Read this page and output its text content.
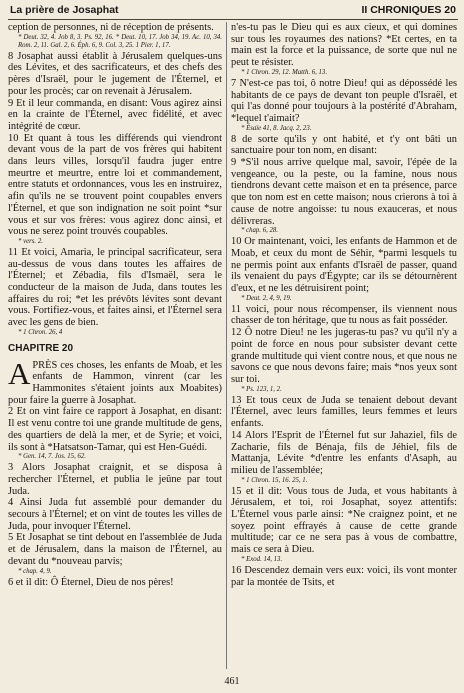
La prière de Josaphat	II CHRONIQUES 20

ception de personnes, ni de réception de présents.

* Deut. 32, 4. Job 8, 3. Ps. 92, 16. * Deut. 10, 17. Job 34, 19. Ac. 10, 34. Rom. 2, 11. Gal. 2, 6. Éph. 6, 9. Col. 3, 25. 1 Pier. 1, 17.

8 Josaphat aussi établit à Jérusalem quelques-uns des Lévites, et des sacrificateurs, et des chefs des pères d'Israël, pour le jugement de l'Éternel, et pour les procès; car on revenait à Jérusalem.

9 Et il leur commanda, en disant: Vous agirez ainsi en la crainte de l'Éternel, avec fidélité, et avec intégrité de cœur.

10 Et quant à tous les différends qui viendront devant vous de la part de vos frères qui habitent dans leurs villes, lorsqu'il faudra juger entre meurtre et meurtre, entre loi et commandement, entre statuts et ordonnances, vous les en instruirez, afin qu'ils ne se trouvent point coupables envers l'Éternel, et que son indignation ne soit point *sur vous et sur vos frères: vous agirez donc ainsi, et vous ne serez point trouvés coupables.

* vers. 2.

11 Et voici, Amaria, le principal sacrificateur, sera au-dessus de vous dans toutes les affaires de l'Éternel; et Zébadia, fils d'Ismaël, sera le conducteur de la maison de Juda, dans toutes les affaires du roi; *et les prévôts lévites sont devant vous. Fortifiez-vous, et faites ainsi, et l'Éternel sera avec les gens de bien.

* 1 Chron. 26, 4
CHAPITRE 20

APRÈS ces choses, les enfants de Moab, et les enfants de Hammon, vinrent (car les Hammonites s'étaient joints aux Moabites) pour faire la guerre à Josaphat.

2 Et on vint faire ce rapport à Josaphat, en disant: Il est venu contre toi une grande multitude de gens, des quartiers de delà la mer, et de Syrie; et voici, ils sont à *Hatsatson-Tamar, qui est Hen-Guédi.

* Gen. 14, 7. Jos. 15, 62.

3 Alors Josaphat craignit, et se disposa à rechercher l'Éternel, et publia le jeûne par tout Juda.

4 Ainsi Juda fut assemblé pour demander du secours à l'Éternel; et on vint de toutes les villes de Juda, pour invoquer l'Éternel.

5 Et Josaphat se tint debout en l'assemblée de Juda et de Jérusalem, dans la maison de l'Éternel, au devant du *nouveau parvis;

* chap. 4, 9.

6 et il dit: Ô Éternel, Dieu de nos pères!

n'es-tu pas le Dieu qui es aux cieux, et qui domines sur tous les royaumes des nations? *Et certes, en ta main est la force et la puissance, de sorte que nul ne peut te résister.

* 1 Chron. 29, 12. Matth. 6, 13.

7 N'est-ce pas toi, ô notre Dieu! qui as dépossédé les habitants de ce pays de devant ton peuple d'Israël, et qui l'as donné pour toujours à la postérité d'Abraham, *lequel t'aimait?

* Ésaïe 41, 8. Jacq. 2, 23.

8 de sorte qu'ils y ont habité, et t'y ont bâti un sanctuaire pour ton nom, en disant:

9 *S'il nous arrive quelque mal, savoir, l'épée de la vengeance, ou la peste, ou la famine, nous nous tiendrons devant cette maison et en ta présence, parce que ton nom est en cette maison; nous crierons à toi à cause de notre angoisse: tu nous exauceras, et nous délivreras.

* chap. 6, 28.

10 Or maintenant, voici, les enfants de Hammon et de Moab, et ceux du mont de Séhir, *parmi lesquels tu ne permis point aux enfants d'Israël de passer, quand ils venaient du pays d'Égypte; car ils se détournèrent d'eux, et ne les détruisirent point;

* Deut. 2, 4, 9, 19.

11 voici, pour nous récompenser, ils viennent nous chasser de ton héritage, que tu nous as fait posséder.

12 Ô notre Dieu! ne les jugeras-tu pas? vu qu'il n'y a point de force en nous pour subsister devant cette grande multitude qui vient contre nous, et que nous ne savons ce que nous devons faire; mais *nos yeux sont sur toi.

* Ps. 123, 1, 2.

13 Et tous ceux de Juda se tenaient debout devant l'Éternel, avec leurs familles, leurs femmes et leurs enfants.

14 Alors l'Esprit de l'Éternel fut sur Jahaziel, fils de Zacharie, fils de Bénaja, fils de Jéhiel, fils de Mattanja, Lévite *d'entre les enfants d'Asaph, au milieu de l'assemblée;

* 1 Chron. 15, 16. 25, 1.

15 et il dit: Vous tous de Juda, et vous habitants à Jérusalem, et toi, roi Josaphat, soyez attentifs: L'Éternel vous parle ainsi: *Ne craignez point, et ne soyez point effrayés à cause de cette grande multitude; car ce ne sera pas à vous de combattre, mais ce sera à Dieu.

* Exod. 14, 13.

16 Descendez demain vers eux: voici, ils vont monter par la montée de Tsits, et

461
